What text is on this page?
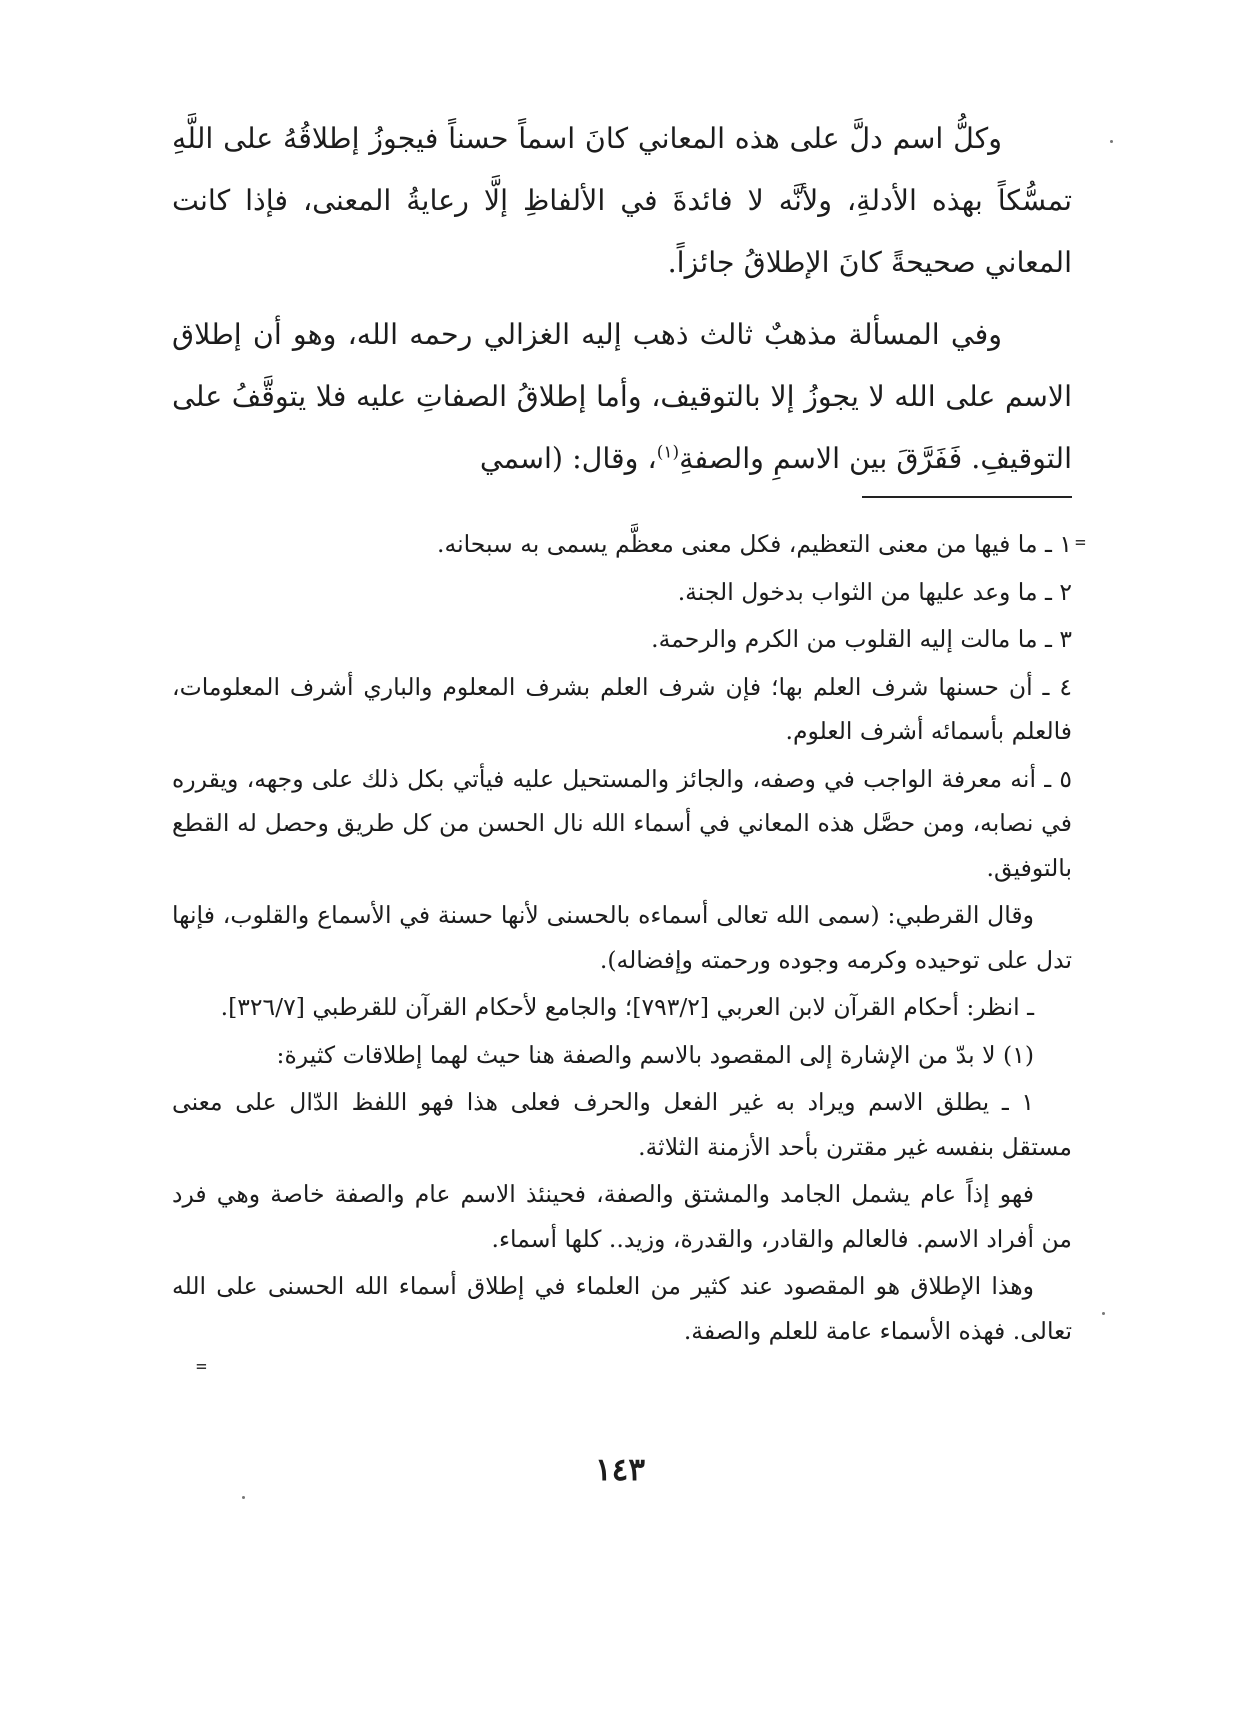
وكلُّ اسم دلَّ على هذه المعاني كانَ اسماً حسناً فيجوزُ إطلاقُهُ على اللَّهِ تمسُّكاً بهذه الأدلةِ، ولأنَّه لا فائدةَ في الألفاظِ إلَّا رعايةُ المعنى، فإذا كانت المعاني صحيحةً كانَ الإطلاقُ جائزاً.

وفي المسألة مذهبٌ ثالث ذهب إليه الغزالي رحمه الله، وهو أن إطلاق الاسم على الله لا يجوزُ إلا بالتوقيف، وأما إطلاقُ الصفاتِ عليه فلا يتوقَّفُ على التوقيفِ. فَفَرَّقَ بين الاسمِ والصفةِ$^{(١)}$، وقال: (اسمي

١ ـ ما فيها من معنى التعظيم، فكل معنى معظَّم يسمى به سبحانه.

٢ ـ ما وعد عليها من الثواب بدخول الجنة.

٣ ـ ما مالت إليه القلوب من الكرم والرحمة.

٤ ـ أن حسنها شرف العلم بها؛ فإن شرف العلم بشرف المعلوم والباري أشرف المعلومات، فالعلم بأسمائه أشرف العلوم.

٥ ـ أنه معرفة الواجب في وصفه، والجائز والمستحيل عليه فيأتي بكل ذلك على وجهه، ويقرره في نصابه، ومن حصَّل هذه المعاني في أسماء الله نال الحسن من كل طريق وحصل له القطع بالتوفيق.

وقال القرطبي: (سمى الله تعالى أسماءه بالحسنى لأنها حسنة في الأسماع والقلوب، فإنها تدل على توحيده وكرمه وجوده ورحمته وإفضاله).

ـ انظر: أحكام القرآن لابن العربي [٧٩٣/٢]؛ والجامع لأحكام القرآن للقرطبي [٣٢٦/٧].

(١) لا بدّ من الإشارة إلى المقصود بالاسم والصفة هنا حيث لهما إطلاقات كثيرة:

١ ـ يطلق الاسم ويراد به غير الفعل والحرف فعلى هذا فهو اللفظ الدّال على معنى مستقل بنفسه غير مقترن بأحد الأزمنة الثلاثة.

فهو إذاً عام يشمل الجامد والمشتق والصفة، فحينئذ الاسم عام والصفة خاصة وهي فرد من أفراد الاسم. فالعالم والقادر، والقدرة، وزيد.. كلها أسماء.

وهذا الإطلاق هو المقصود عند كثير من العلماء في إطلاق أسماء الله الحسنى على الله تعالى. فهذه الأسماء عامة للعلم والصفة.

١٤٣
=
=
